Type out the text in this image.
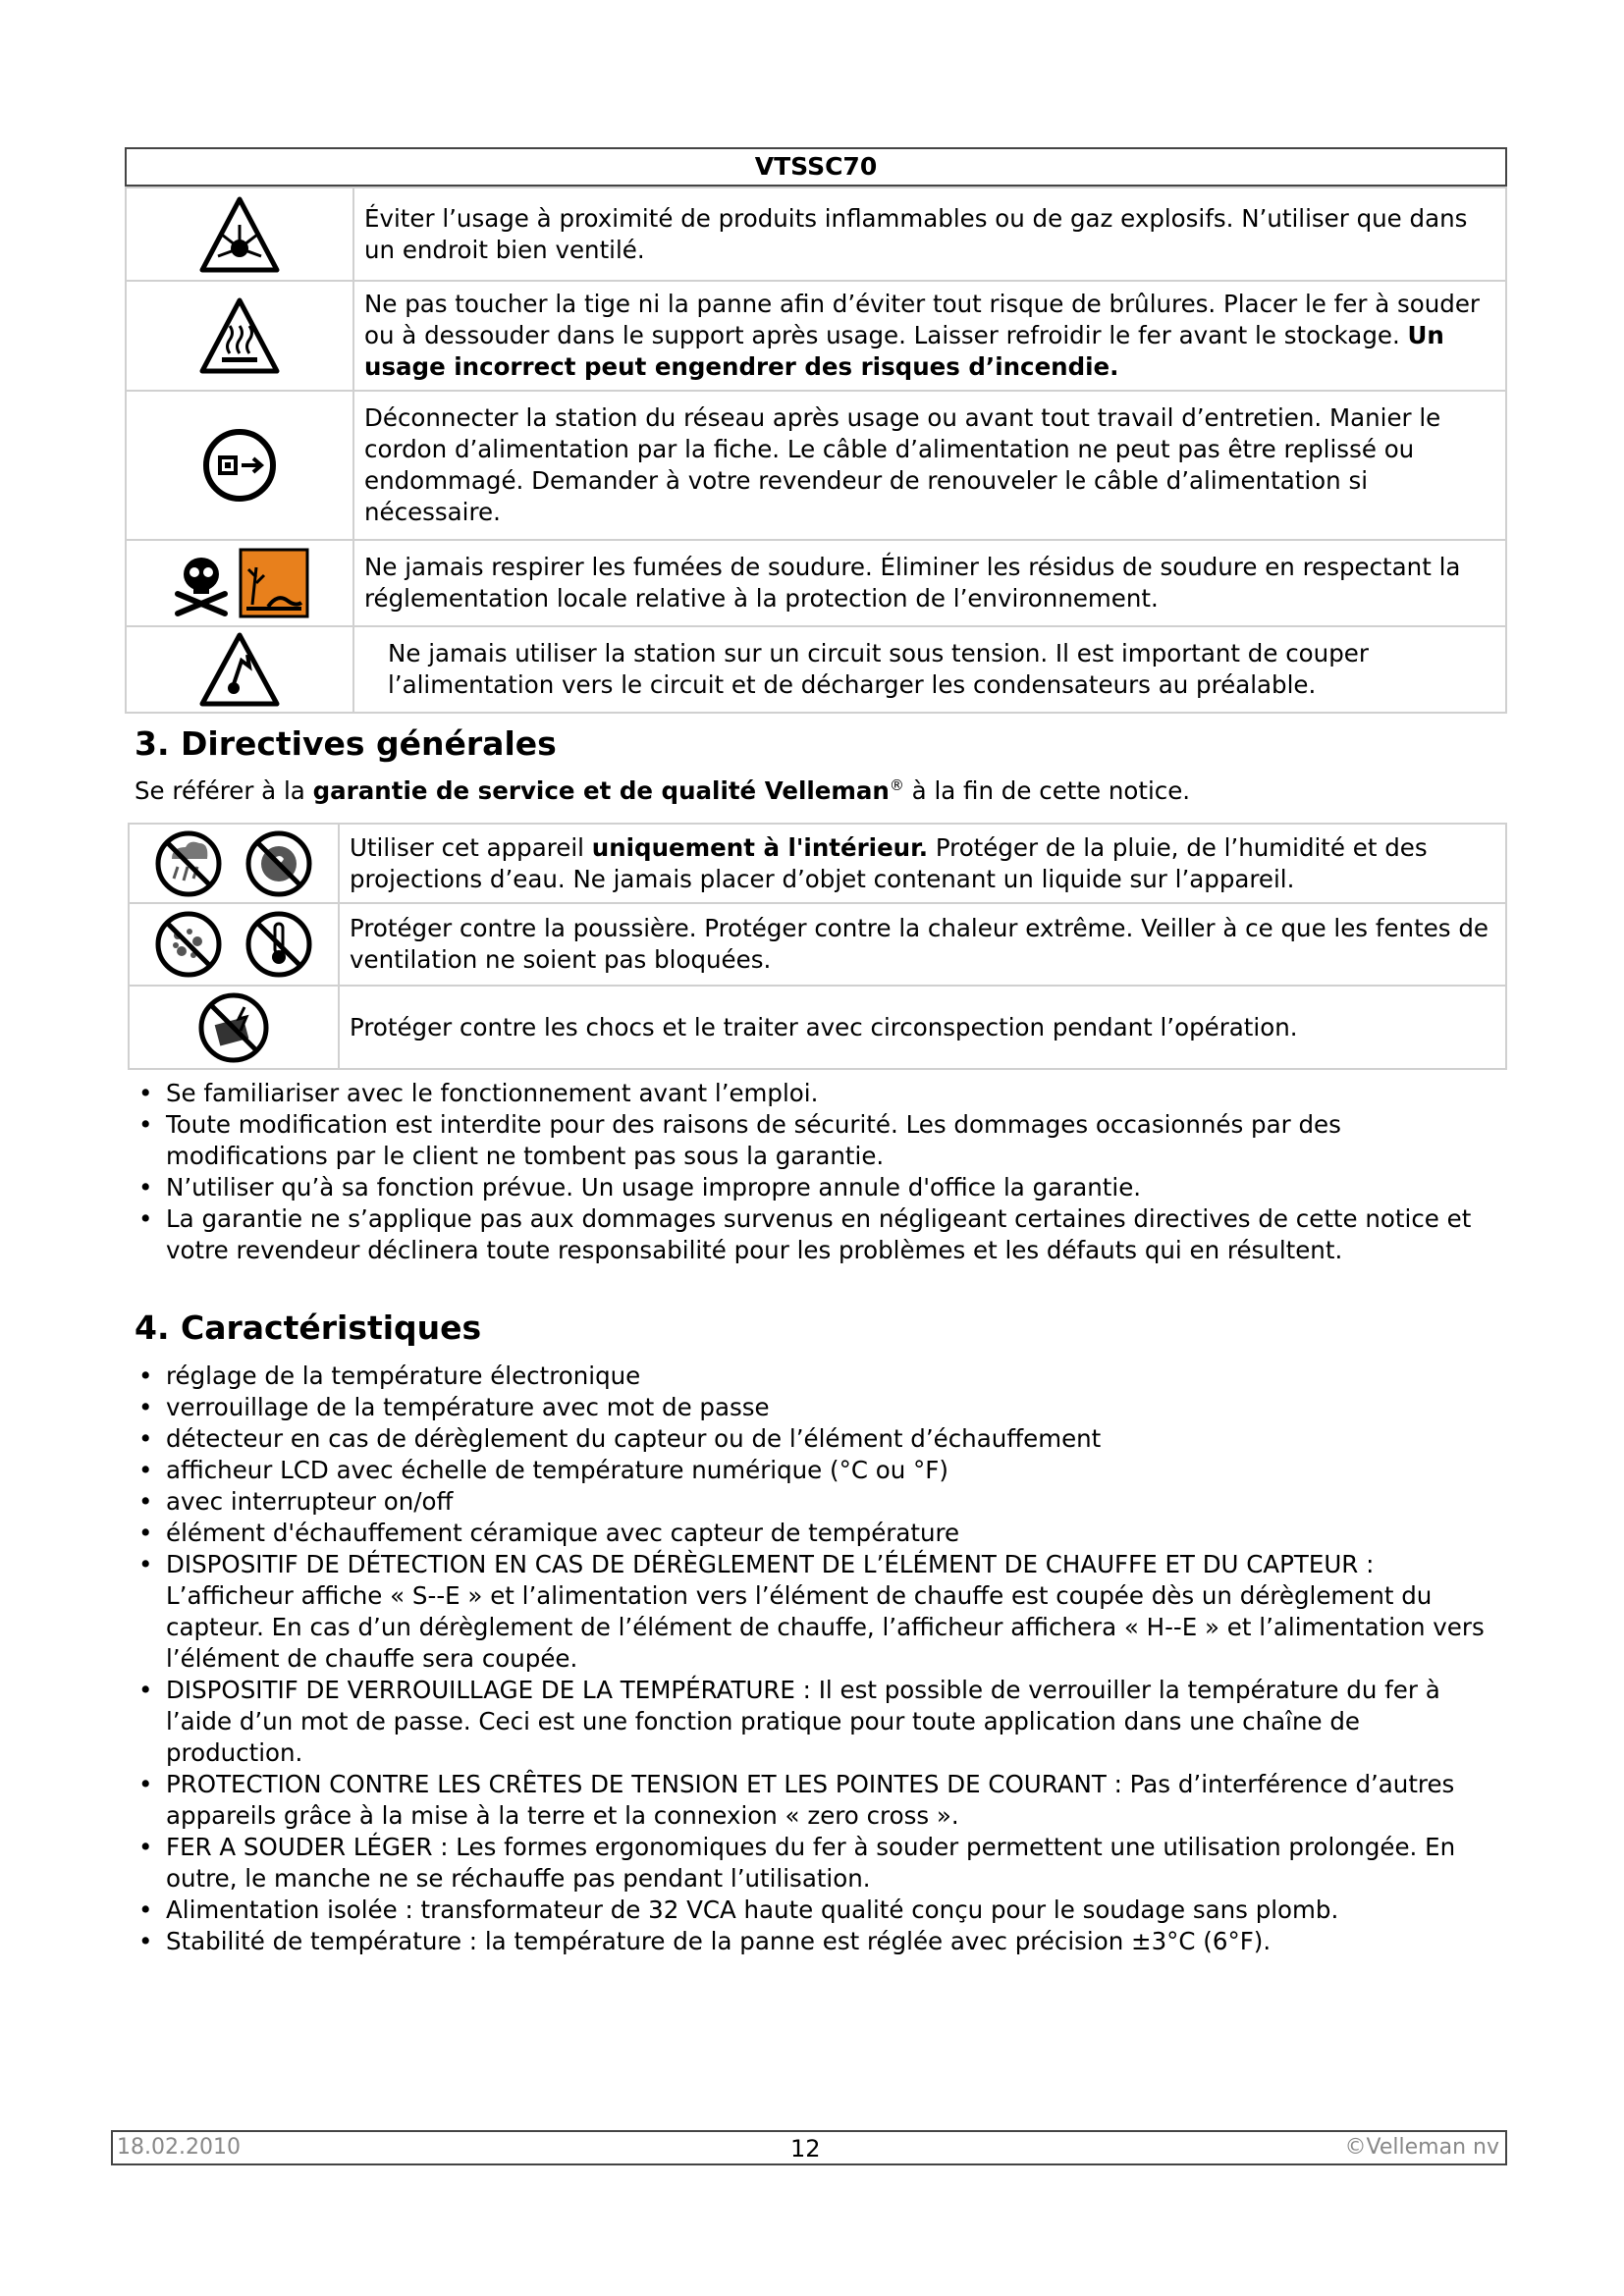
VTSSC70

Éviter l’usage à proximité de produits inflammables ou de gaz explosifs. N’utiliser que dans un endroit bien ventilé.

Ne pas toucher la tige ni la panne afin d’éviter tout risque de brûlures. Placer le fer à souder ou à dessouder dans le support après usage. Laisser refroidir le fer avant le stockage. Un usage incorrect peut engendrer des risques d’incendie.

Déconnecter la station du réseau après usage ou avant tout travail d’entretien. Manier le cordon d’alimentation par la fiche. Le câble d’alimentation ne peut pas être replissé ou endommagé. Demander à votre revendeur de renouveler le câble d’alimentation si nécessaire.

Ne jamais respirer les fumées de soudure. Éliminer les résidus de soudure en respectant la réglementation locale relative à la protection de l’environnement.

Ne jamais utiliser la station sur un circuit sous tension. Il est important de couper l’alimentation vers le circuit et de décharger les condensateurs au préalable.

3. Directives générales

Se référer à la garantie de service et de qualité Velleman® à la fin de cette notice.

Utiliser cet appareil uniquement à l'intérieur. Protéger de la pluie, de l’humidité et des projections d’eau. Ne jamais placer d’objet contenant un liquide sur l’appareil.

Protéger contre la poussière. Protéger contre la chaleur extrême. Veiller à ce que les fentes de ventilation ne soient pas bloquées.

Protéger contre les chocs et le traiter avec circonspection pendant l’opération.

• Se familiariser avec le fonctionnement avant l’emploi.
• Toute modification est interdite pour des raisons de sécurité. Les dommages occasionnés par des modifications par le client ne tombent pas sous la garantie.
• N’utiliser qu’à sa fonction prévue. Un usage impropre annule d'office la garantie.
• La garantie ne s’applique pas aux dommages survenus en négligeant certaines directives de cette notice et votre revendeur déclinera toute responsabilité pour les problèmes et les défauts qui en résultent.
4. Caractéristiques
• réglage de la température électronique
• verrouillage de la température avec mot de passe
• détecteur en cas de dérèglement du capteur ou de l’élément d’échauffement
• afficheur LCD avec échelle de température numérique (°C ou °F)
• avec interrupteur on/off
• élément d'échauffement céramique avec capteur de température
• DISPOSITIF DE DÉTECTION EN CAS DE DÉRÈGLEMENT DE L’ÉLÉMENT DE CHAUFFE ET DU CAPTEUR : L’afficheur affiche « S--E » et l’alimentation vers l’élément de chauffe est coupée dès un dérèglement du capteur. En cas d’un dérèglement de l’élément de chauffe, l’afficheur affichera « H--E » et l’alimentation vers l’élément de chauffe sera coupée.
• DISPOSITIF DE VERROUILLAGE DE LA TEMPÉRATURE : Il est possible de verrouiller la température du fer à l’aide d’un mot de passe. Ceci est une fonction pratique pour toute application dans une chaîne de production.
• PROTECTION CONTRE LES CRÊTES DE TENSION ET LES POINTES DE COURANT : Pas d’interférence d’autres appareils grâce à la mise à la terre et la connexion « zero cross ».
• FER A SOUDER LÉGER : Les formes ergonomiques du fer à souder permettent une utilisation prolongée. En outre, le manche ne se réchauffe pas pendant l’utilisation.
• Alimentation isolée : transformateur de 32 VCA haute qualité conçu pour le soudage sans plomb.
• Stabilité de température : la température de la panne est réglée avec précision ±3°C (6°F).
18.02.2010	12	©Velleman nv
